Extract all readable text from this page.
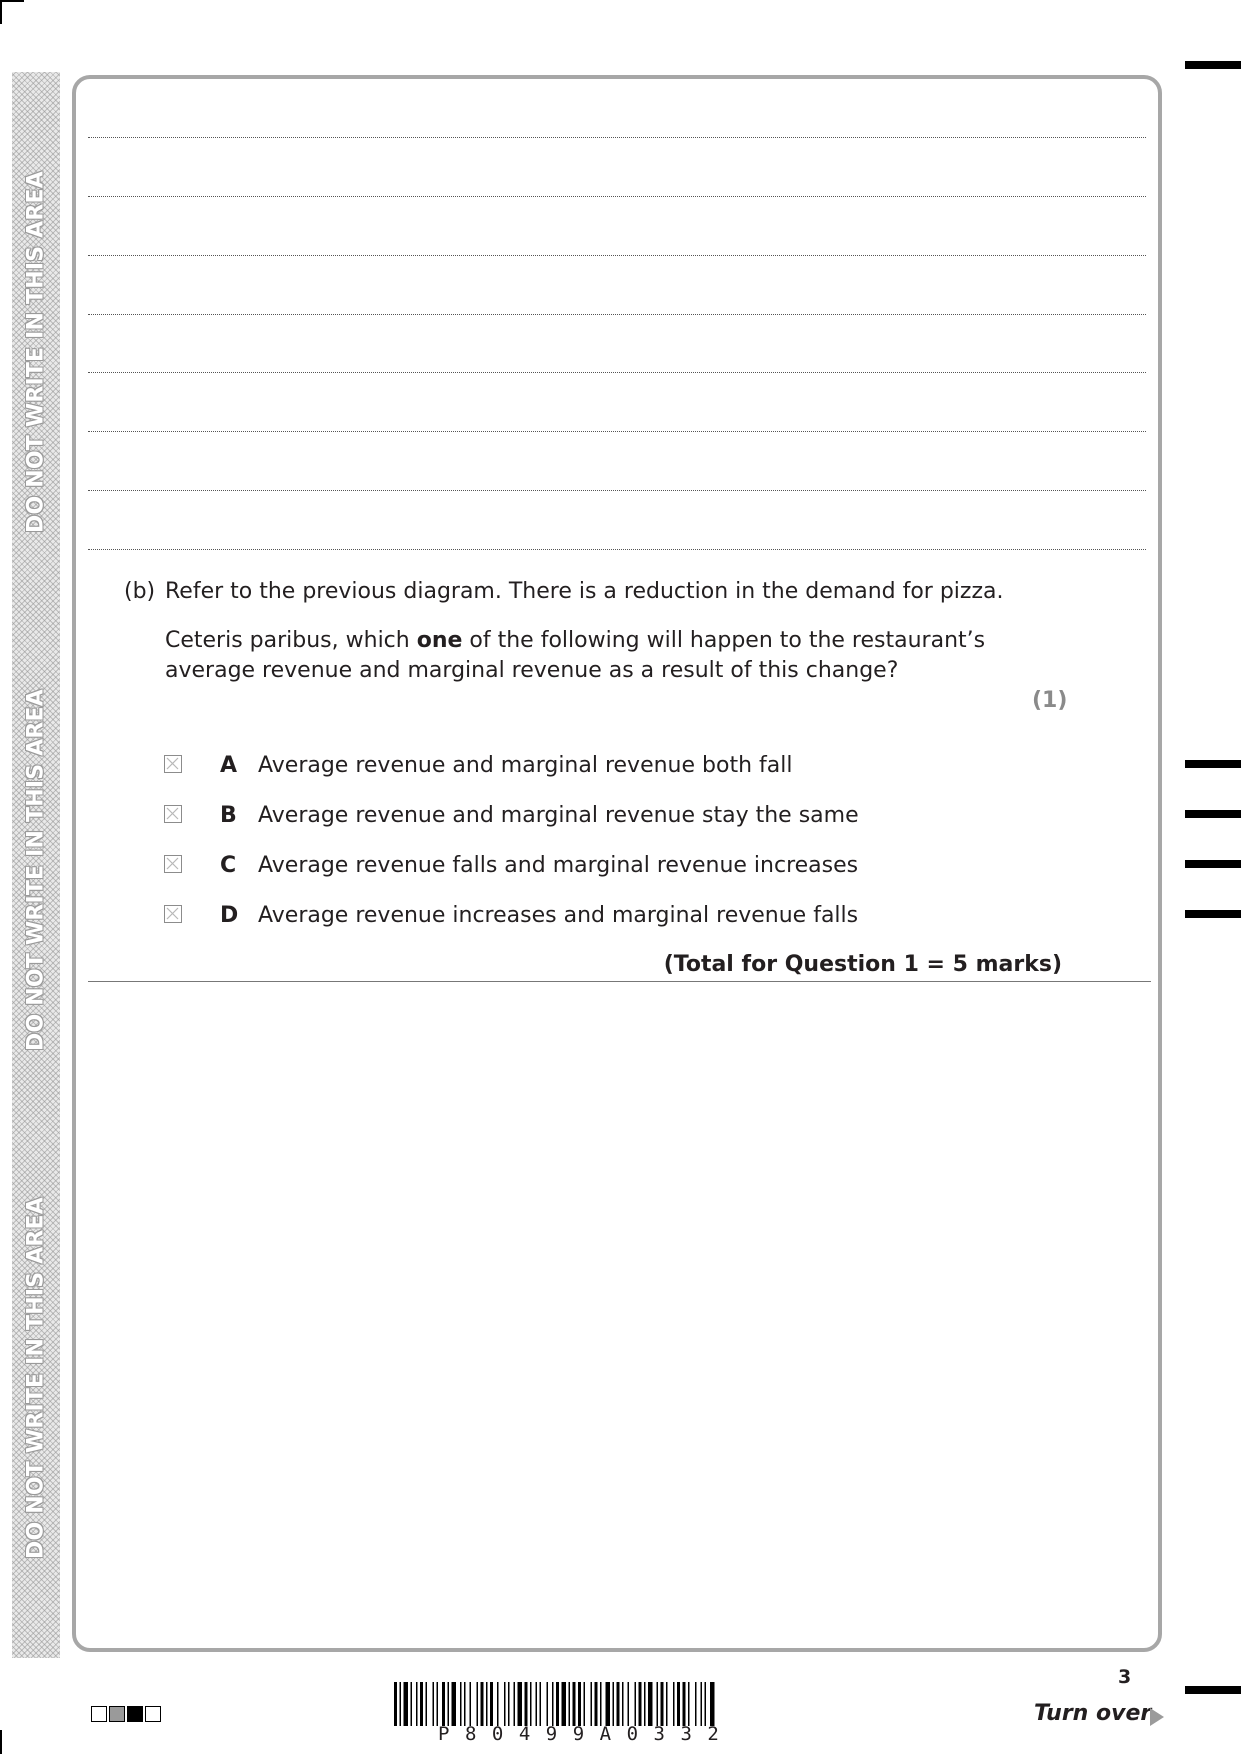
DO NOT WRITE IN THIS AREA
DO NOT WRITE IN THIS AREA
DO NOT WRITE IN THIS AREA
(b) Refer to the previous diagram. There is a reduction in the demand for pizza.
Ceteris paribus, which one of the following will happen to the restaurant’s
average revenue and marginal revenue as a result of this change?
(1)
A Average revenue and marginal revenue both fall
B Average revenue and marginal revenue stay the same
C Average revenue falls and marginal revenue increases
D Average revenue increases and marginal revenue falls
(Total for Question 1 = 5 marks)
P80499A0332
3
Turn over
